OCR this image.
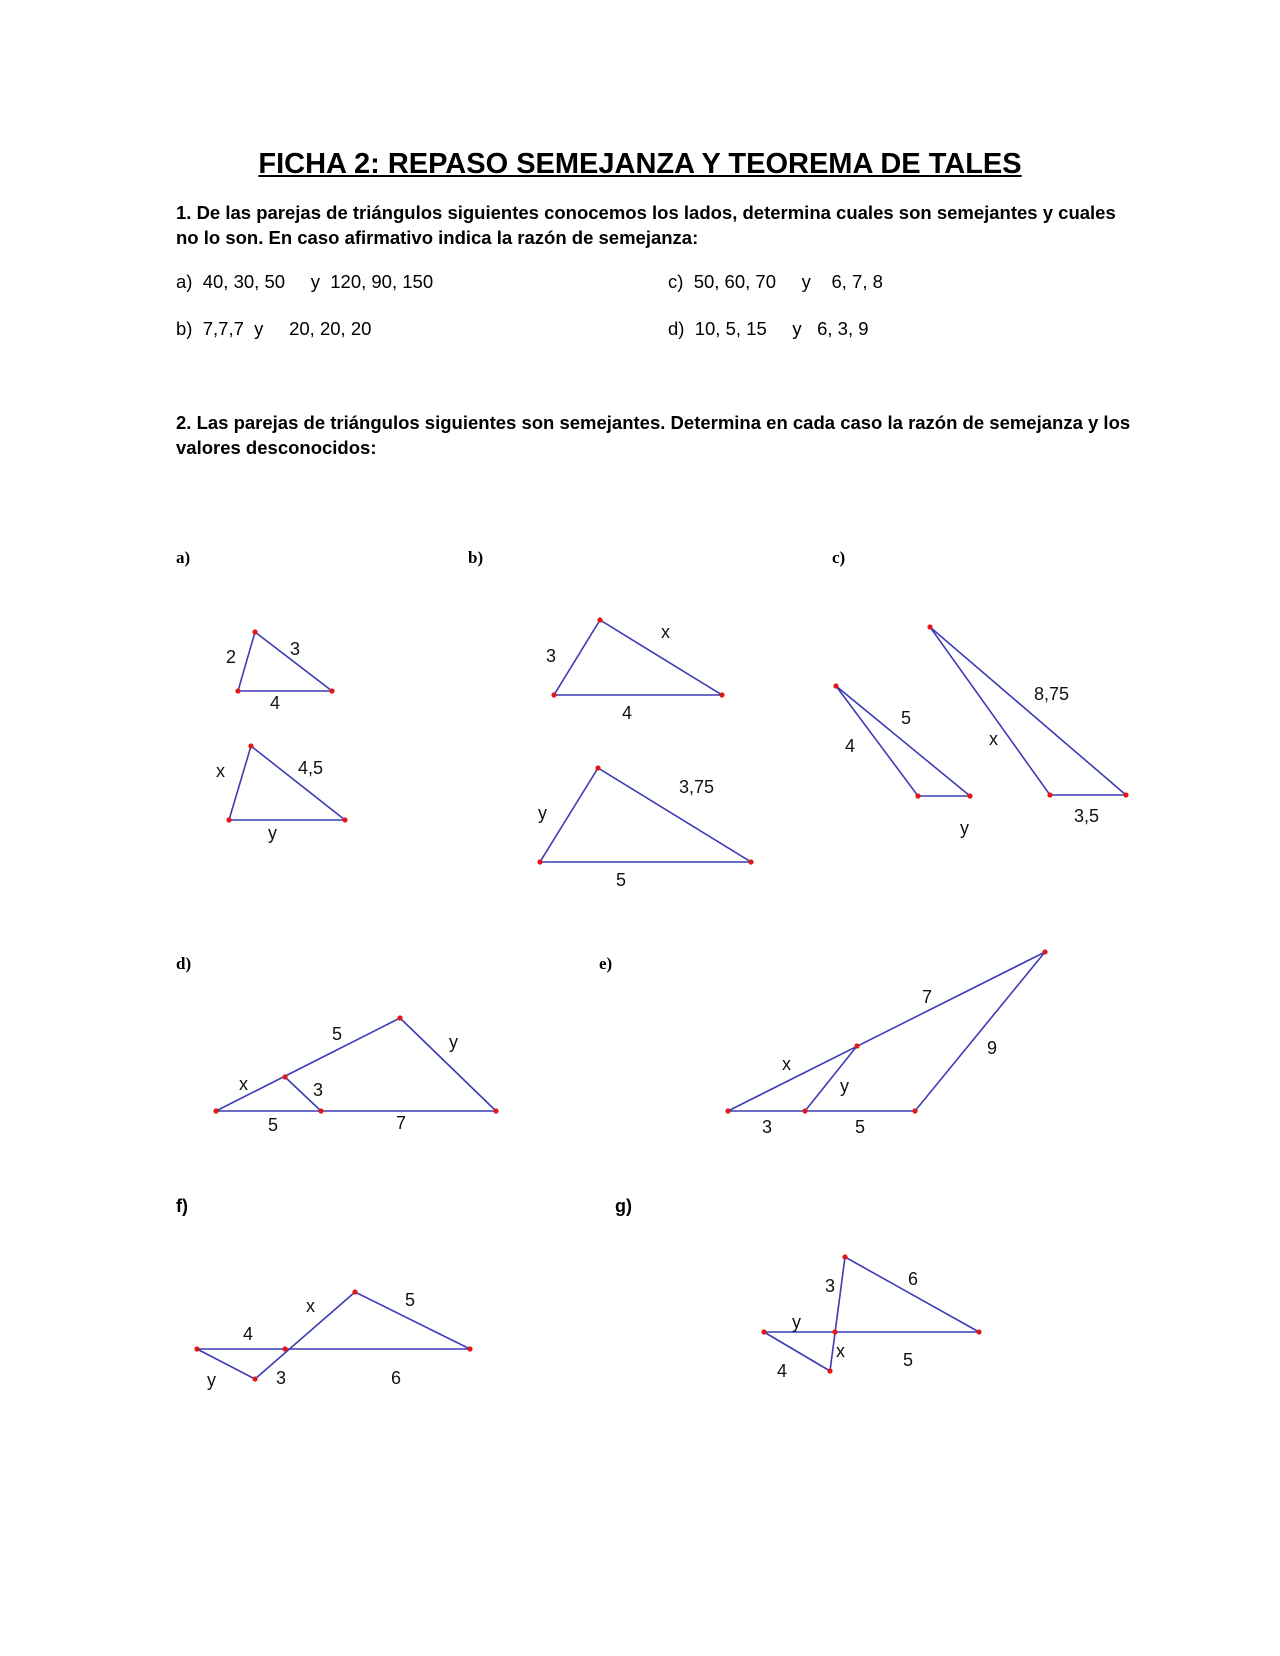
FICHA 2: REPASO SEMEJANZA Y TEOREMA DE TALES
1. De las parejas de triángulos siguientes conocemos los lados, determina cuales son semejantes y cuales no lo son. En caso afirmativo indica la razón de semejanza:
a)  40, 30, 50     y  120, 90, 150
b)  7,7,7  y     20, 20, 20
c)  50, 60, 70     y    6, 7, 8
d)  10, 5, 15     y   6, 3, 9
2. Las parejas de triángulos siguientes son semejantes. Determina en cada caso la razón de semejanza y los valores desconocidos:
a)	b)	c)
d)	e)
f)	g)
2	3
4
x	4,5
y
3
x
4
y
3,75
5
4
5
y
x
8,75
3,5
5	y
x	3
5	7
7
x
y
9
3	5
x	5
4
y	3	6
3	6
y
x
4
5
